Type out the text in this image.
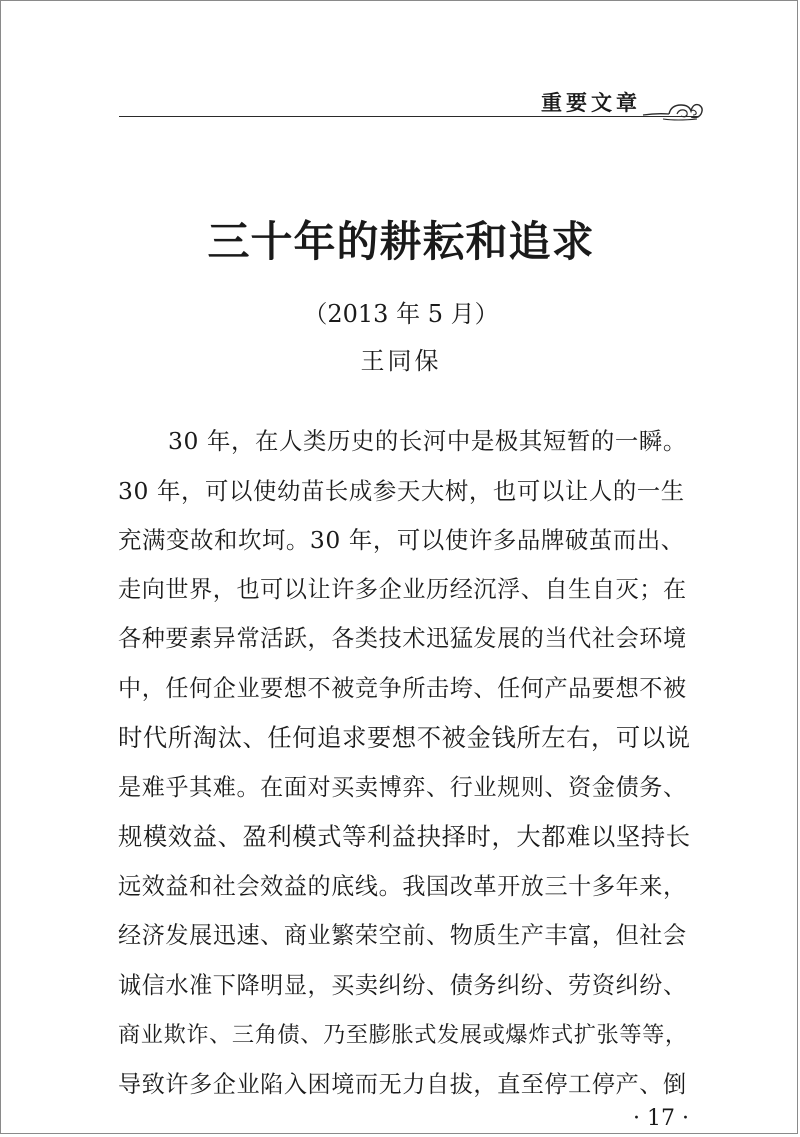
重要文章
三十年的耕耘和追求
（2013 年 5 月）
王同保
30 年，在人类历史的长河中是极其短暂的一瞬。
30 年，可以使幼苗长成参天大树，也可以让人的一生
充满变故和坎坷。30 年，可以使许多品牌破茧而出、
走向世界，也可以让许多企业历经沉浮、自生自灭；在
各种要素异常活跃，各类技术迅猛发展的当代社会环境
中，任何企业要想不被竞争所击垮、任何产品要想不被
时代所淘汰、任何追求要想不被金钱所左右，可以说
是难乎其难。在面对买卖博弈、行业规则、资金债务、
规模效益、盈利模式等利益抉择时，大都难以坚持长
远效益和社会效益的底线。我国改革开放三十多年来，
经济发展迅速、商业繁荣空前、物质生产丰富，但社会
诚信水准下降明显，买卖纠纷、债务纠纷、劳资纠纷、
商业欺诈、三角债、乃至膨胀式发展或爆炸式扩张等等，
导致许多企业陷入困境而无力自拔，直至停工停产、倒
· 17 ·
